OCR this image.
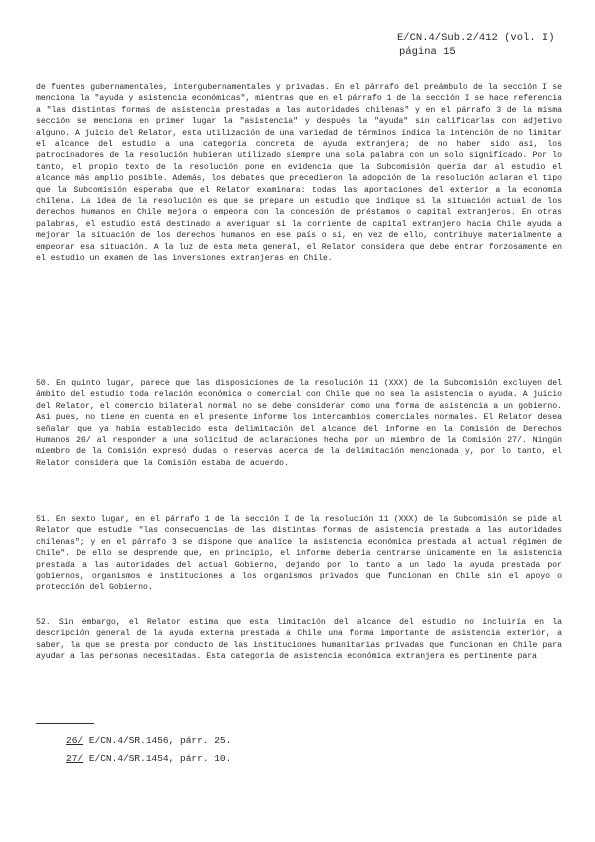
E/CN.4/Sub.2/412 (vol. I)
página 15

de fuentes gubernamentales, intergubernamentales y privadas. En el párrafo del preámbulo de la sección I se menciona la "ayuda y asistencia económicas", mientras que en el párrafo 1 de la sección I se hace referencia a "las distintas formas de asistencia prestadas a las autoridades chilenas" y en el párrafo 3 de la misma sección se menciona en primer lugar la "asistencia" y después la "ayuda" sin calificarlas con adjetivo alguno. A juicio del Relator, esta utilización de una variedad de términos indica la intención de no limitar el alcance del estudio a una categoría concreta de ayuda extranjera; de no haber sido así, los patrocinadores de la resolución hubieran utilizado siempre una sola palabra con un solo significado. Por lo tanto, el propio texto de la resolución pone en evidencia que la Subcomisión quería dar al estudio el alcance más amplio posible. Además, los debates que precedieron la adopción de la resolución aclaran el tipo que la Subcomisión esperaba que el Relator examinara: todas las aportaciones del exterior a la economía chilena. La idea de la resolución es que se prepare un estudio que indique si la situación actual de los derechos humanos en Chile mejora o empeora con la concesión de préstamos o capital extranjeros. En otras palabras, el estudio está destinado a averiguar si la corriente de capital extranjero hacia Chile ayuda a mejorar la situación de los derechos humanos en ese país o si, en vez de ello, contribuye materialmente a empeorar esa situación. A la luz de esta meta general, el Relator considera que debe entrar forzosamente en el estudio un examen de las inversiones extranjeras en Chile.

50. En quinto lugar, parece que las disposiciones de la resolución 11 (XXX) de la Subcomisión excluyen del ámbito del estudio toda relación económica o comercial con Chile que no sea la asistencia o ayuda. A juicio del Relator, el comercio bilateral normal no se debe considerar como una forma de asistencia a un gobierno. Así pues, no tiene en cuenta en el presente informe los intercambios comerciales normales. El Relator desea señalar que ya había establecido esta delimitación del alcance del informe en la Comisión de Derechos Humanos 26/ al responder a una solicitud de aclaraciones hecha por un miembro de la Comisión 27/. Ningún miembro de la Comisión expresó dudas o reservas acerca de la delimitación mencionada y, por lo tanto, el Relator considera que la Comisión estaba de acuerdo.

51. En sexto lugar, en el párrafo 1 de la sección I de la resolución 11 (XXX) de la Subcomisión se pide al Relator que estudie "las consecuencias de las distintas formas de asistencia prestada a las autoridades chilenas"; y en el párrafo 3 se dispone que analice la asistencia económica prestada al actual régimen de Chile". De ello se desprende que, en principio, el informe debería centrarse únicamente en la asistencia prestada a las autoridades del actual Gobierno, dejando por lo tanto a un lado la ayuda prestada por gobiernos, organismos e instituciones a los organismos privados que funcionan en Chile sin el apoyo o protección del Gobierno.

52. Sin embargo, el Relator estima que esta limitación del alcance del estudio no incluiría en la descripción general de la ayuda externa prestada a Chile una forma importante de asistencia exterior, a saber, la que se presta por conducto de las instituciones humanitarias privadas que funcionan en Chile para ayudar a las personas necesitadas. Esta categoría de asistencia económica extranjera es pertinente para

26/ E/CN.4/SR.1456, párr. 25.
27/ E/CN.4/SR.1454, párr. 10.
